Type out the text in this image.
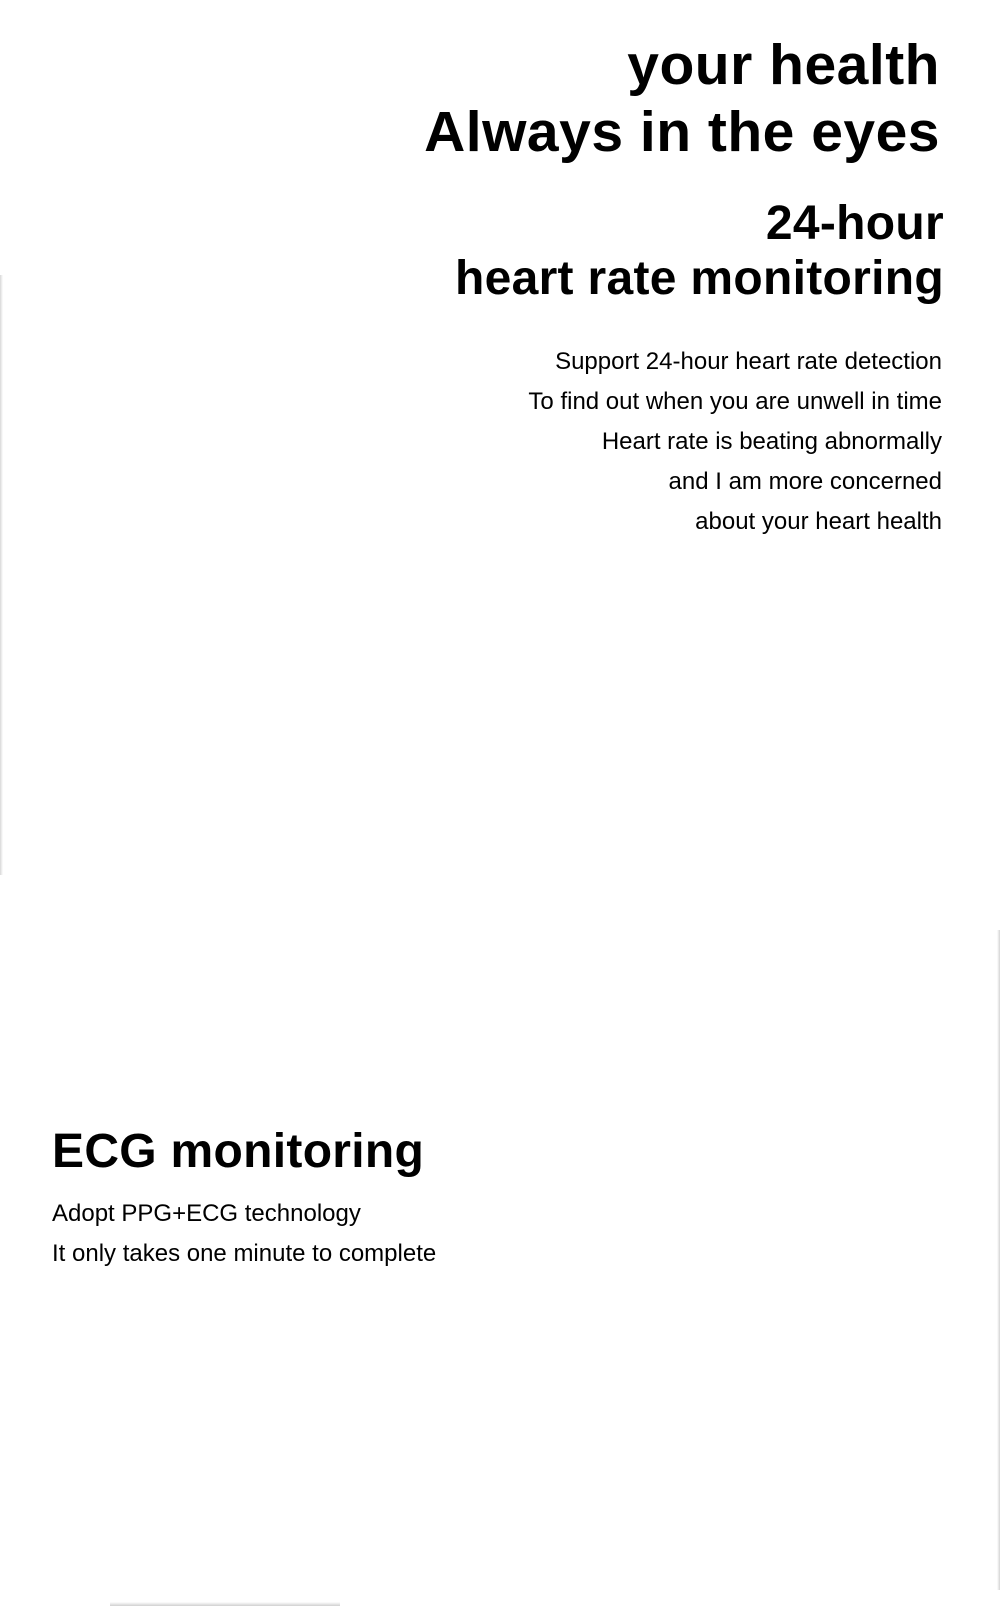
your health
Always in the eyes
24-hour
heart rate monitoring
Support 24-hour heart rate detection
To find out when you are unwell in time
Heart rate is beating abnormally
and I am more concerned
about your heart health
ECG monitoring
Adopt PPG+ECG technology
It only takes one minute to complete
